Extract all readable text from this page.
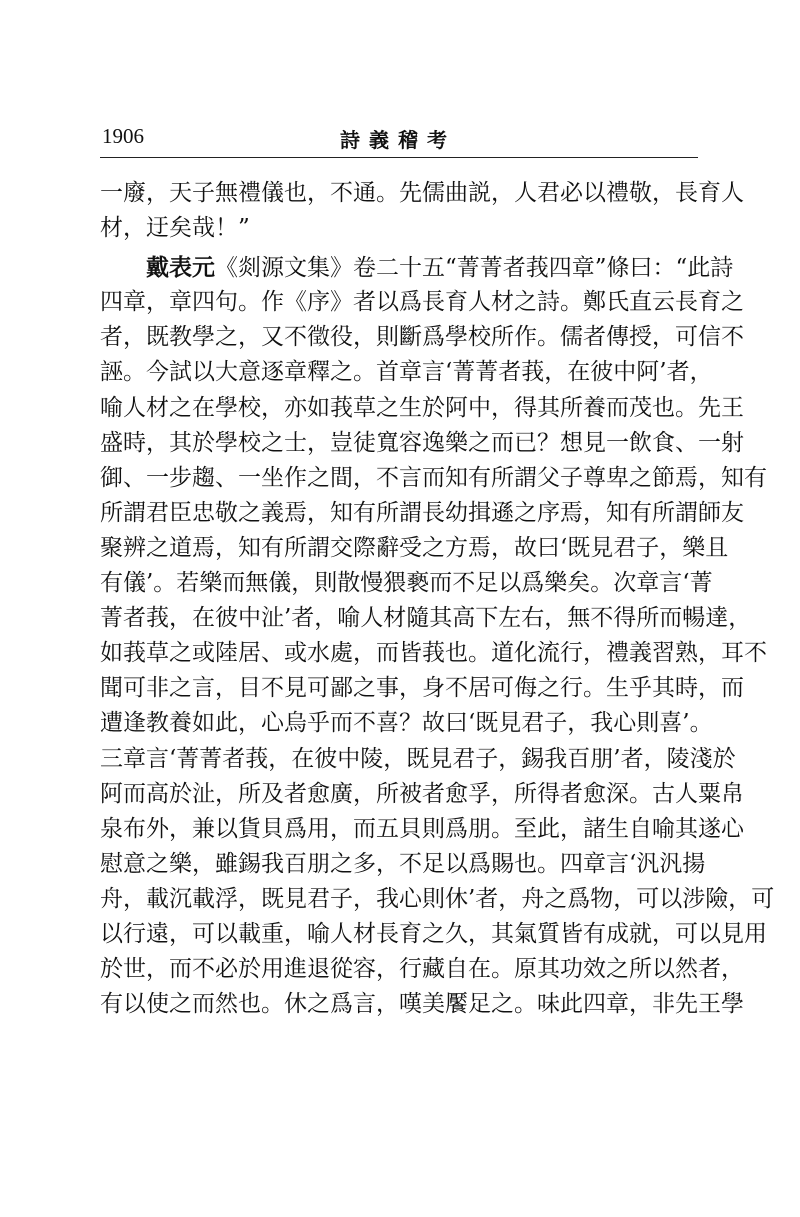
1906	詩義稽考
一廢，天子無禮儀也，不通。先儒曲説，人君必以禮敬，長育人
材，迂矣哉！”
戴表元《剡源文集》卷二十五“菁菁者莪四章”條曰：“此詩
四章，章四句。作《序》者以爲長育人材之詩。鄭氏直云長育之
者，既教學之，又不徵役，則斷爲學校所作。儒者傳授，可信不
誣。今試以大意逐章釋之。首章言‘菁菁者莪，在彼中阿’者，
喻人材之在學校，亦如莪草之生於阿中，得其所養而茂也。先王
盛時，其於學校之士，豈徒寬容逸樂之而已？想見一飲食、一射
御、一步趨、一坐作之間，不言而知有所謂父子尊卑之節焉，知有
所謂君臣忠敬之義焉，知有所謂長幼揖遜之序焉，知有所謂師友
聚辨之道焉，知有所謂交際辭受之方焉，故曰‘既見君子，樂且
有儀’。若樂而無儀，則散慢猥褻而不足以爲樂矣。次章言‘菁
菁者莪，在彼中沚’者，喻人材隨其高下左右，無不得所而暢達，
如莪草之或陸居、或水處，而皆莪也。道化流行，禮義習熟，耳不
聞可非之言，目不見可鄙之事，身不居可侮之行。生乎其時，而
遭逢教養如此，心烏乎而不喜？故曰‘既見君子，我心則喜’。
三章言‘菁菁者莪，在彼中陵，既見君子，錫我百朋’者，陵淺於
阿而高於沚，所及者愈廣，所被者愈孚，所得者愈深。古人粟帛
泉布外，兼以貨貝爲用，而五貝則爲朋。至此，諸生自喻其遂心
慰意之樂，雖錫我百朋之多，不足以爲賜也。四章言‘汎汎揚
舟，載沉載浮，既見君子，我心則休’者，舟之爲物，可以涉險，可
以行遠，可以載重，喻人材長育之久，其氣質皆有成就，可以見用
於世，而不必於用進退從容，行藏自在。原其功效之所以然者，
有以使之而然也。休之爲言，嘆美饜足之。味此四章，非先王學
